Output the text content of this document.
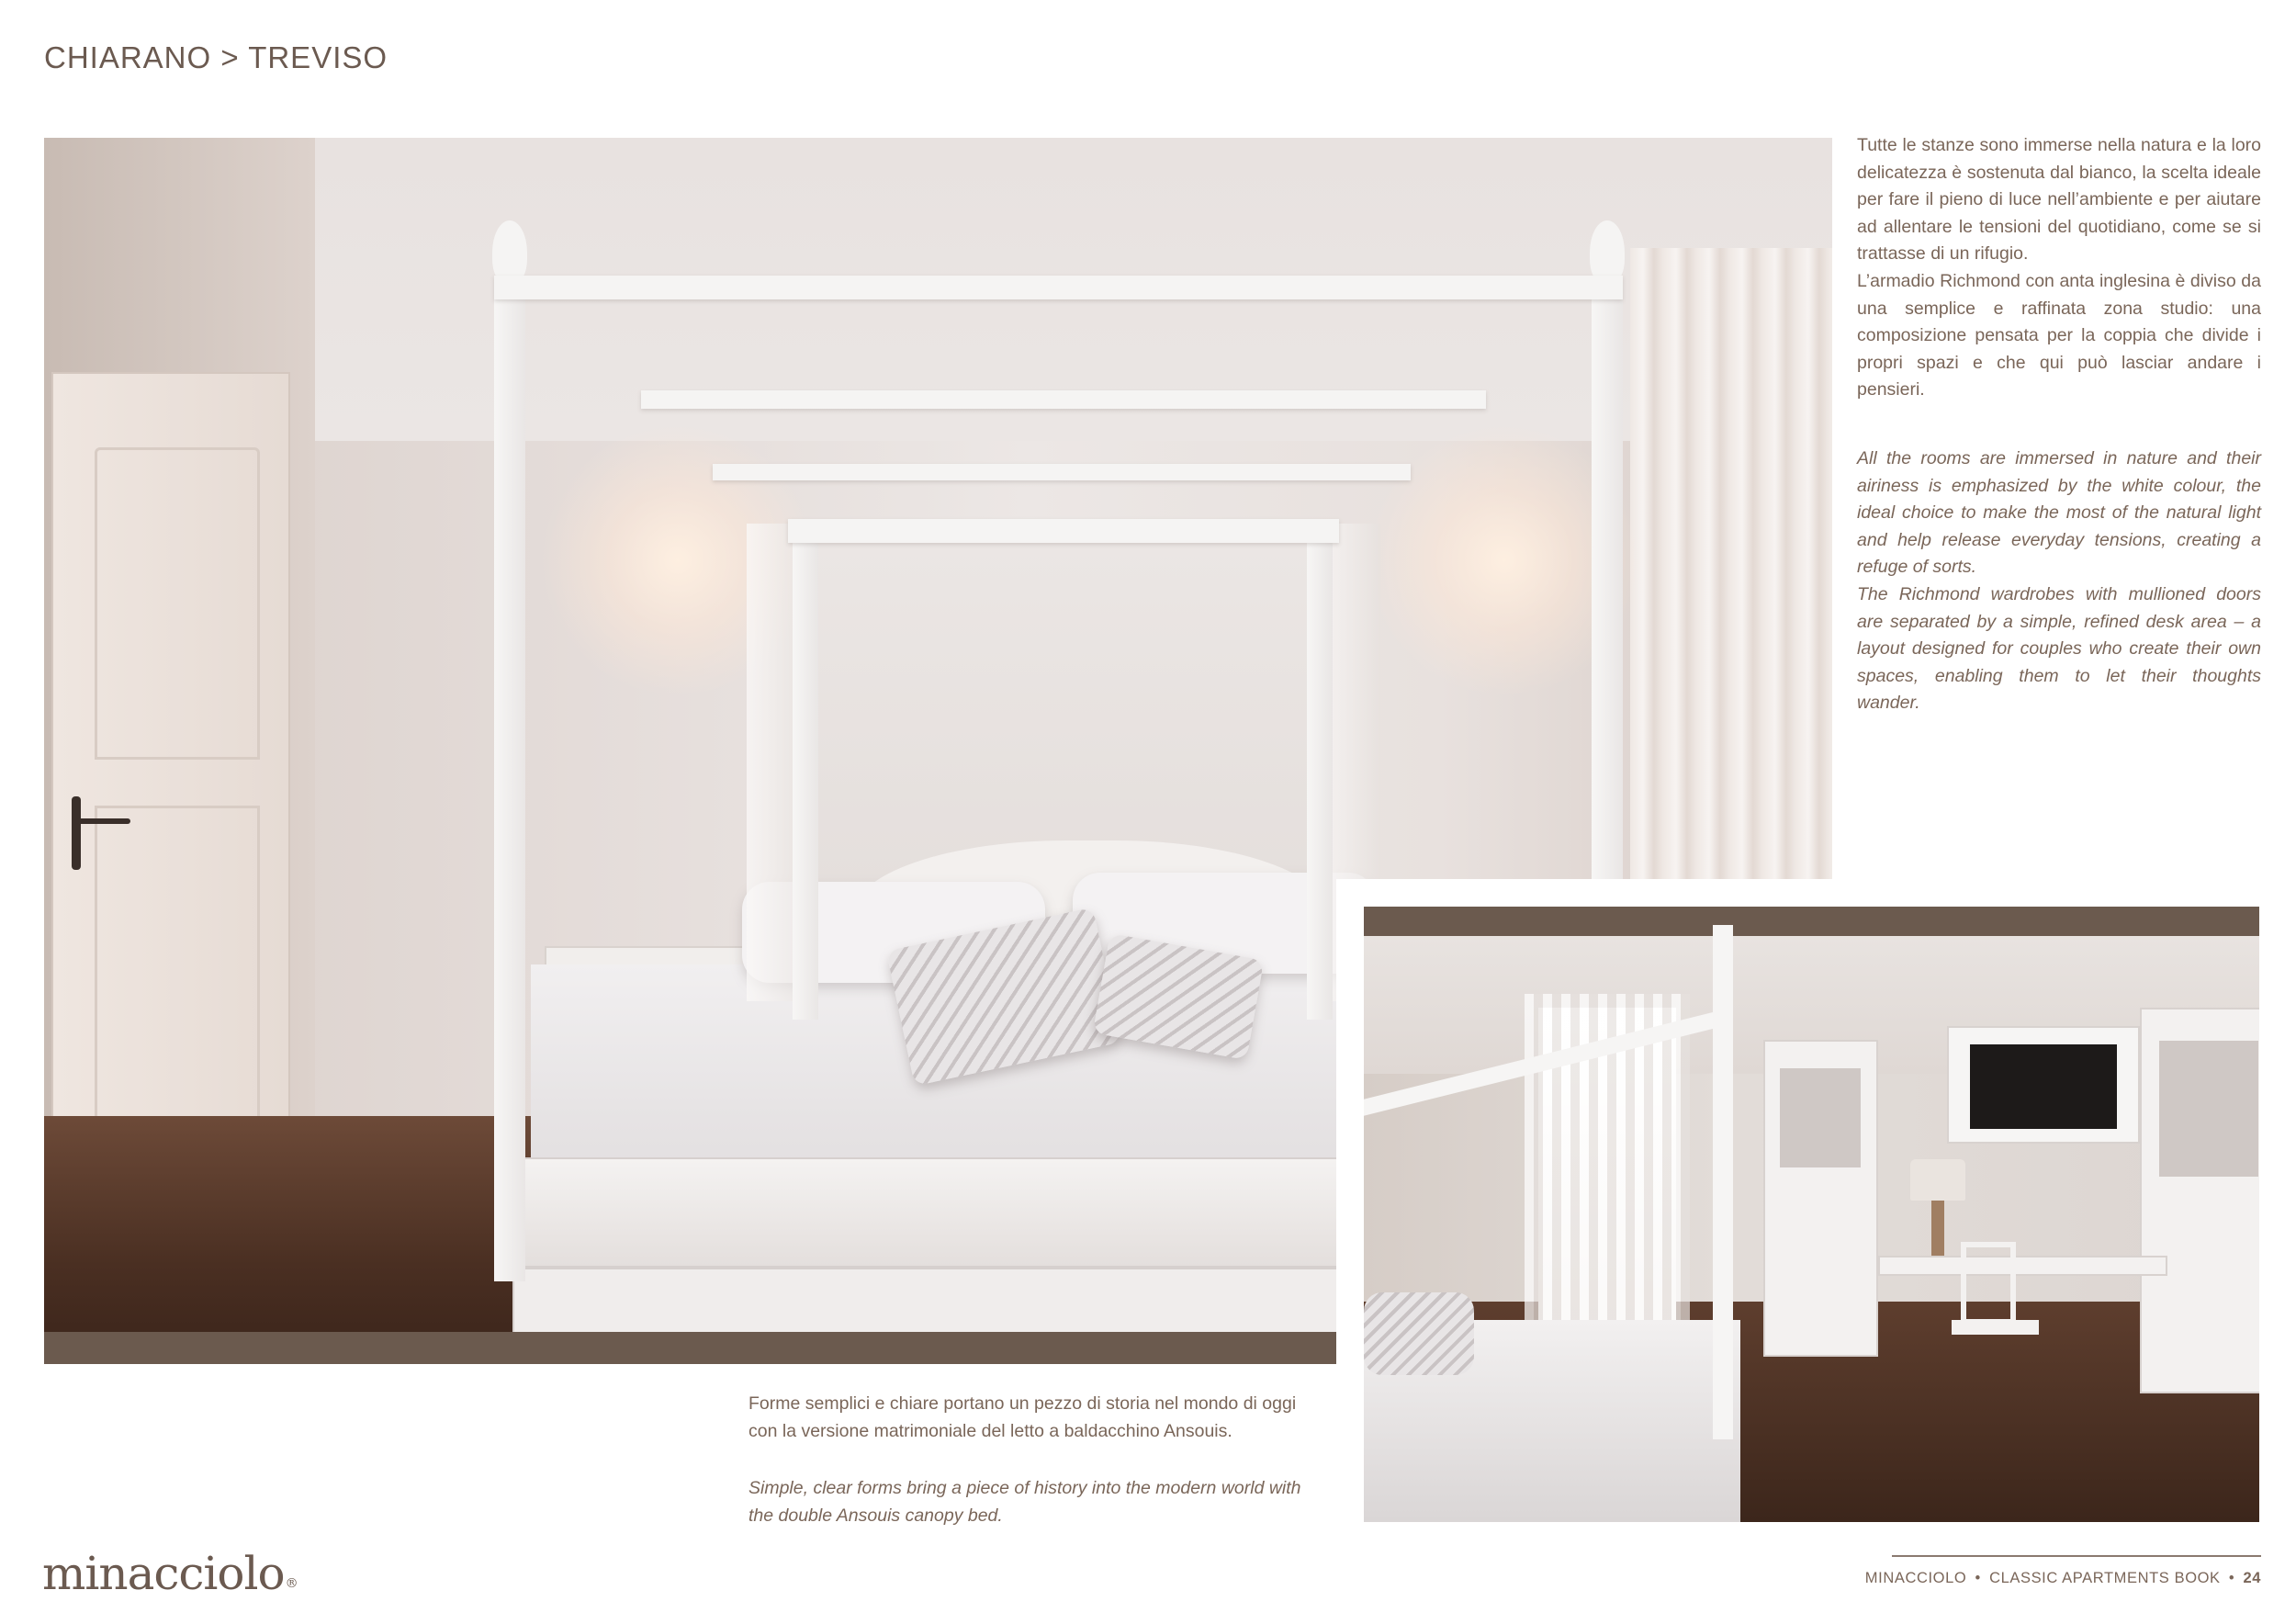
CHIARANO > TREVISO

Tutte le stanze sono immerse nella natura e la loro delicatezza è sostenuta dal bianco, la scelta ideale per fare il pieno di luce nell’ambiente e per aiutare ad allentare le tensioni del quotidiano, come se si trattasse di un rifugio.

L’armadio Richmond con anta inglesina è diviso da una semplice e raffinata zona studio: una composizione pensata per la coppia che divide i propri spazi e che qui può lasciar andare i pensieri.

All the rooms are immersed in nature and their airiness is emphasized by the white colour, the ideal choice to make the most of the natural light and help release everyday tensions, creating a refuge of sorts.

The Richmond wardrobes with mullioned doors are separated by a simple, refined desk area – a layout designed for couples who create their own spaces, enabling them to let their thoughts wander.

Forme semplici e chiare portano un pezzo di storia nel mondo di oggi con la versione matrimoniale del letto a baldacchino Ansouis.
Simple, clear forms bring a piece of history into the modern world with the double Ansouis canopy bed.
minacciolo®	MINACCIOLO • CLASSIC APARTMENTS BOOK • 24
